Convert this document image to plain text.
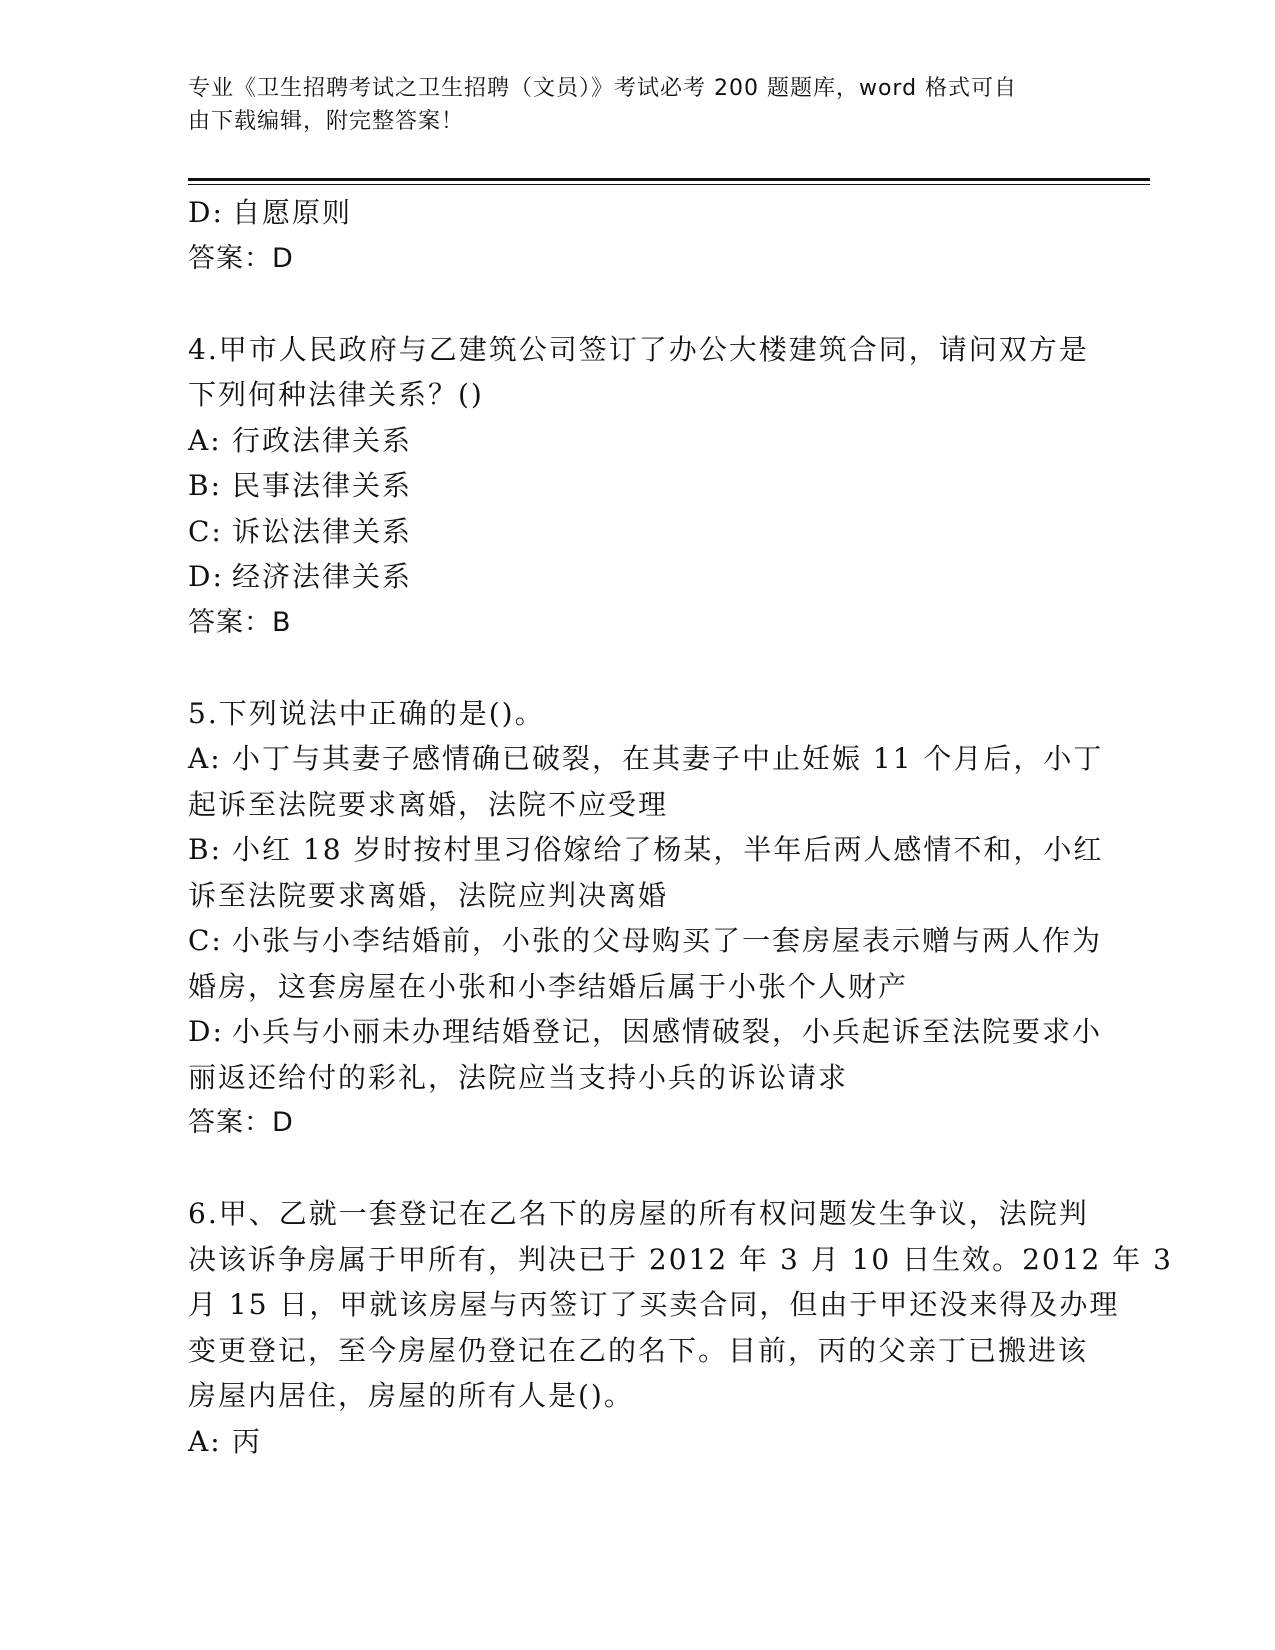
专业《卫生招聘考试之卫生招聘（文员）》考试必考 200 题题库，word 格式可自
由下载编辑，附完整答案！
D: 自愿原则
答案：D
4.甲市人民政府与乙建筑公司签订了办公大楼建筑合同，请问双方是
下列何种法律关系？()
A: 行政法律关系
B: 民事法律关系
C: 诉讼法律关系
D: 经济法律关系
答案：B
5.下列说法中正确的是()。
A: 小丁与其妻子感情确已破裂，在其妻子中止妊娠 11 个月后，小丁
起诉至法院要求离婚，法院不应受理
B: 小红 18 岁时按村里习俗嫁给了杨某，半年后两人感情不和，小红
诉至法院要求离婚，法院应判决离婚
C: 小张与小李结婚前，小张的父母购买了一套房屋表示赠与两人作为
婚房，这套房屋在小张和小李结婚后属于小张个人财产
D: 小兵与小丽未办理结婚登记，因感情破裂，小兵起诉至法院要求小
丽返还给付的彩礼，法院应当支持小兵的诉讼请求
答案：D
6.甲、乙就一套登记在乙名下的房屋的所有权问题发生争议，法院判
决该诉争房属于甲所有，判决已于 2012 年 3 月 10 日生效。2012 年 3
月 15 日，甲就该房屋与丙签订了买卖合同，但由于甲还没来得及办理
变更登记，至今房屋仍登记在乙的名下。目前，丙的父亲丁已搬进该
房屋内居住，房屋的所有人是()。
A: 丙
